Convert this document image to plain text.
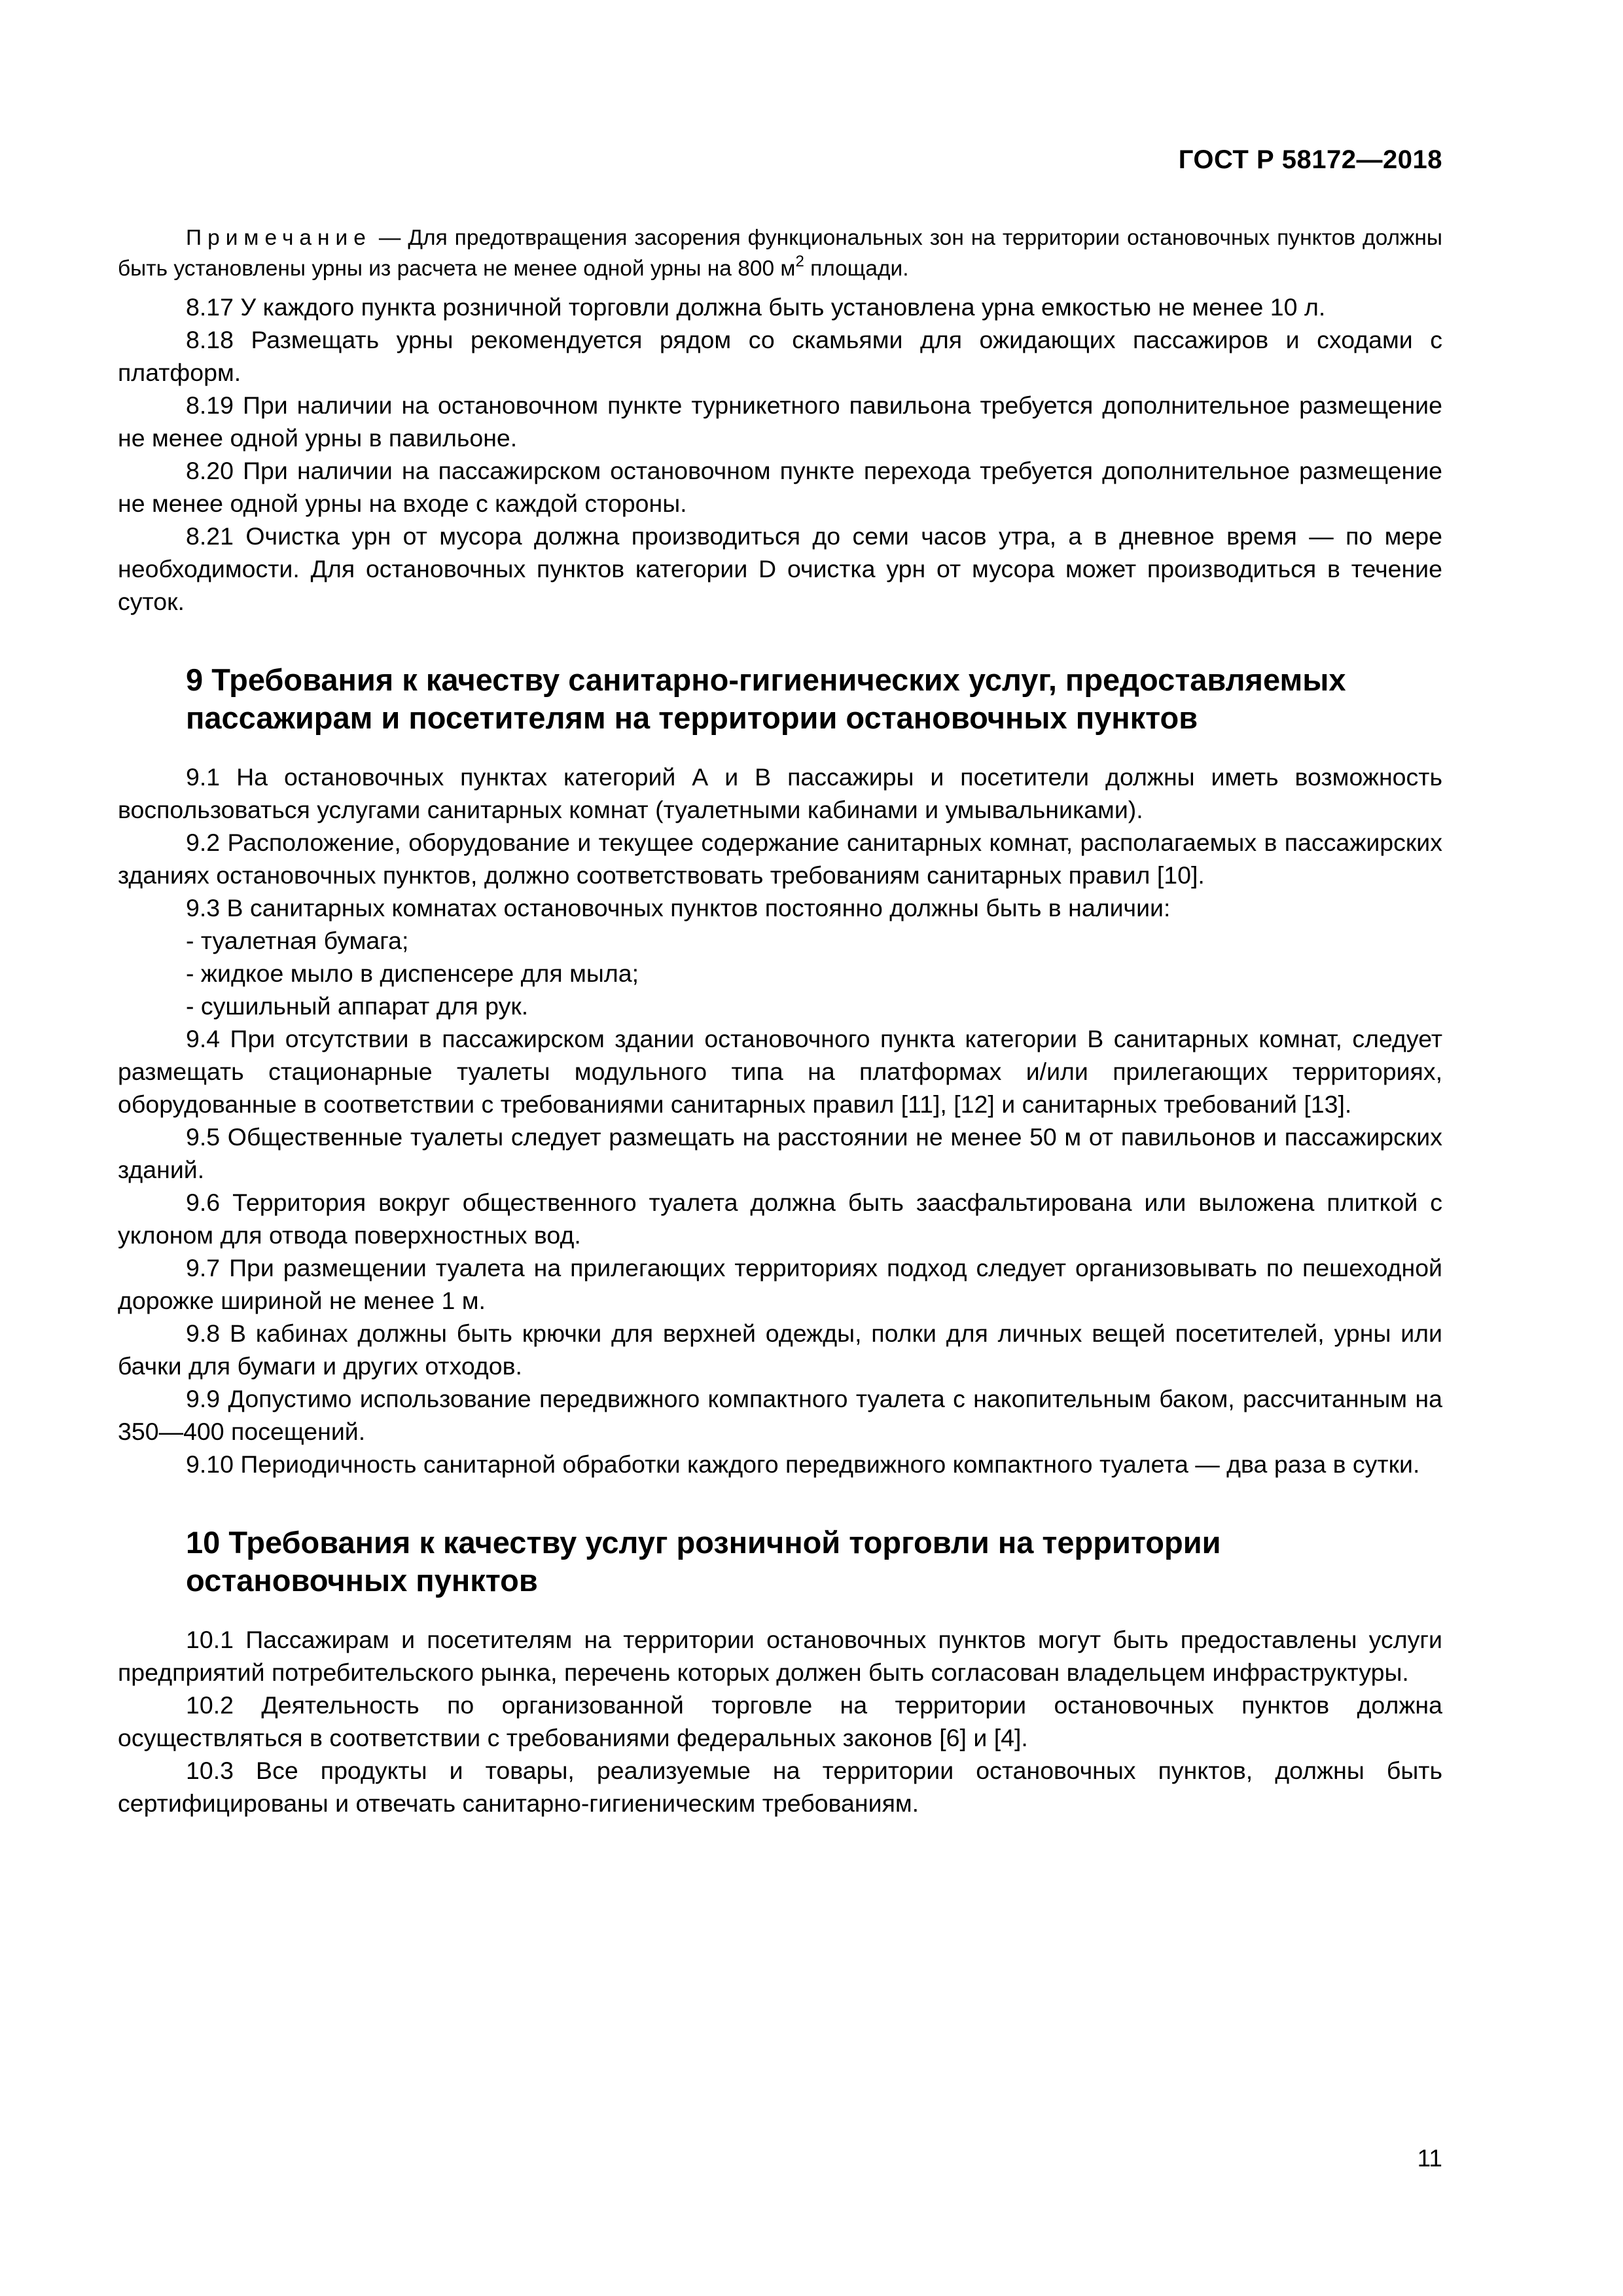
ГОСТ Р 58172—2018

Примечание — Для предотвращения засорения функциональных зон на территории остановочных пунктов должны быть установлены урны из расчета не менее одной урны на 800 $м^2$ площади.

8.17 У каждого пункта розничной торговли должна быть установлена урна емкостью не менее 10 л.

8.18 Размещать урны рекомендуется рядом со скамьями для ожидающих пассажиров и сходами с платформ.

8.19 При наличии на остановочном пункте турникетного павильона требуется дополнительное размещение не менее одной урны в павильоне.

8.20 При наличии на пассажирском остановочном пункте перехода требуется дополнительное размещение не менее одной урны на входе с каждой стороны.

8.21 Очистка урн от мусора должна производиться до семи часов утра, а в дневное время — по мере необходимости. Для остановочных пунктов категории D очистка урн от мусора может производиться в течение суток.

9 Требования к качеству санитарно-гигиенических услуг, предоставляемых
пассажирам и посетителям на территории остановочных пунктов

9.1 На остановочных пунктах категорий А и В пассажиры и посетители должны иметь возможность воспользоваться услугами санитарных комнат (туалетными кабинами и умывальниками).

9.2 Расположение, оборудование и текущее содержание санитарных комнат, располагаемых в пассажирских зданиях остановочных пунктов, должно соответствовать требованиям санитарных правил [10].

9.3 В санитарных комнатах остановочных пунктов постоянно должны быть в наличии:

- туалетная бумага;

- жидкое мыло в диспенсере для мыла;

- сушильный аппарат для рук.

9.4 При отсутствии в пассажирском здании остановочного пункта категории В санитарных комнат, следует размещать стационарные туалеты модульного типа на платформах и/или прилегающих территориях, оборудованные в соответствии с требованиями санитарных правил [11], [12] и санитарных требований [13].

9.5 Общественные туалеты следует размещать на расстоянии не менее 50 м от павильонов и пассажирских зданий.

9.6 Территория вокруг общественного туалета должна быть заасфальтирована или выложена плиткой с уклоном для отвода поверхностных вод.

9.7 При размещении туалета на прилегающих территориях подход следует организовывать по пешеходной дорожке шириной не менее 1 м.

9.8 В кабинах должны быть крючки для верхней одежды, полки для личных вещей посетителей, урны или бачки для бумаги и других отходов.

9.9 Допустимо использование передвижного компактного туалета с накопительным баком, рассчитанным на 350—400 посещений.

9.10 Периодичность санитарной обработки каждого передвижного компактного туалета — два раза в сутки.

10 Требования к качеству услуг розничной торговли на территории
остановочных пунктов

10.1 Пассажирам и посетителям на территории остановочных пунктов могут быть предоставлены услуги предприятий потребительского рынка, перечень которых должен быть согласован владельцем инфраструктуры.

10.2 Деятельность по организованной торговле на территории остановочных пунктов должна осуществляться в соответствии с требованиями федеральных законов [6] и [4].

10.3 Все продукты и товары, реализуемые на территории остановочных пунктов, должны быть сертифицированы и отвечать санитарно-гигиеническим требованиям.

11
